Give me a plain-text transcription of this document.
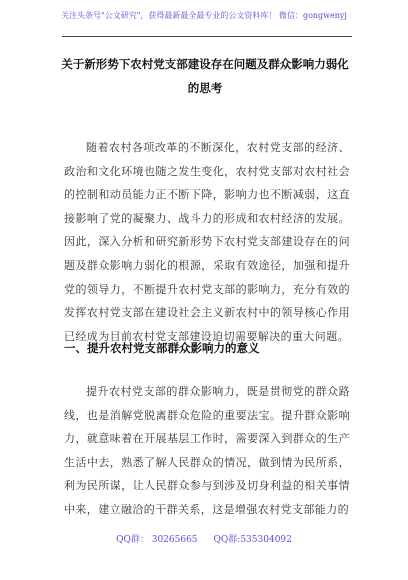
关注头条号"公文研究"，获得最新最全最专业的公文资料库！ 微信：gongwenyj
关于新形势下农村党支部建设存在问题及群众影响力弱化
的思考
随着农村各项改革的不断深化，农村党支部的经济、政治和文化环境也随之发生变化，农村党支部对农村社会的控制和动员能力正不断下降，影响力也不断减弱，这直接影响了党的凝聚力、战斗力的形成和农村经济的发展。因此，深入分析和研究新形势下农村党支部建设存在的问题及群众影响力弱化的根源，采取有效途径，加强和提升党的领导力，不断提升农村党支部的影响力，充分有效的发挥农村党支部在建设社会主义新农村中的领导核心作用已经成为目前农村党支部建设迫切需要解决的重大问题。
一、提升农村党支部群众影响力的意义
提升农村党支部的群众影响力，既是贯彻党的群众路线，也是消解党脱离群众危险的重要法宝。提升群众影响力，就意味着在开展基层工作时，需要深入到群众的生产生活中去，熟悉了解人民群众的情况，做到情为民所系，利为民所谋，让人民群众参与到涉及切身利益的相关事情中来，建立融洽的干群关系，这是增强农村党支部能力的
QQ群： 30265665 QQ群:535304092
